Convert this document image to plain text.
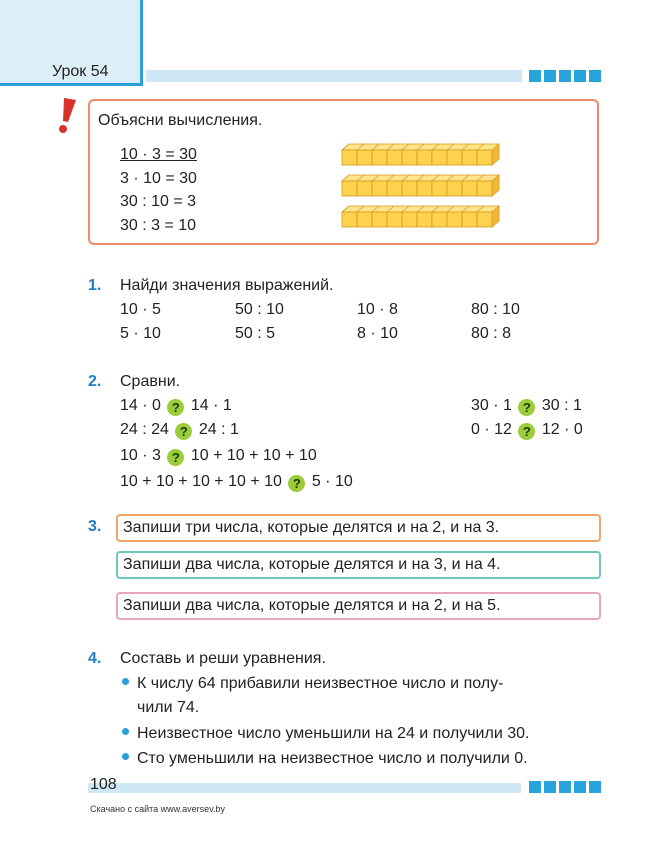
Урок 54
Объясни вычисления.
10 · 3 = 30
3 · 10 = 30
30 : 10 = 3
30 : 3 = 10
1. Найди значения выражений.
10 · 5	50 : 10	10 · 8	80 : 10
5 · 10	50 : 5	8 · 10	80 : 8
2. Сравни.
14 · 0 ? 14 · 1	30 · 1 ? 30 : 1
24 : 24 ? 24 : 1	0 · 12 ? 12 · 0
10 · 3 ? 10 + 10 + 10 + 10
10 + 10 + 10 + 10 + 10 ? 5 · 10
3.	Запиши три числа, которые делятся и на 2, и на 3.
Запиши два числа, которые делятся и на 3, и на 4.
Запиши два числа, которые делятся и на 2, и на 5.
4. Составь и реши уравнения.
К числу 64 прибавили неизвестное число и полу-
чили 74.
Неизвестное число уменьшили на 24 и получили 30.
Сто уменьшили на неизвестное число и получили 0.
108
Скачано с сайта www.aversev.by
